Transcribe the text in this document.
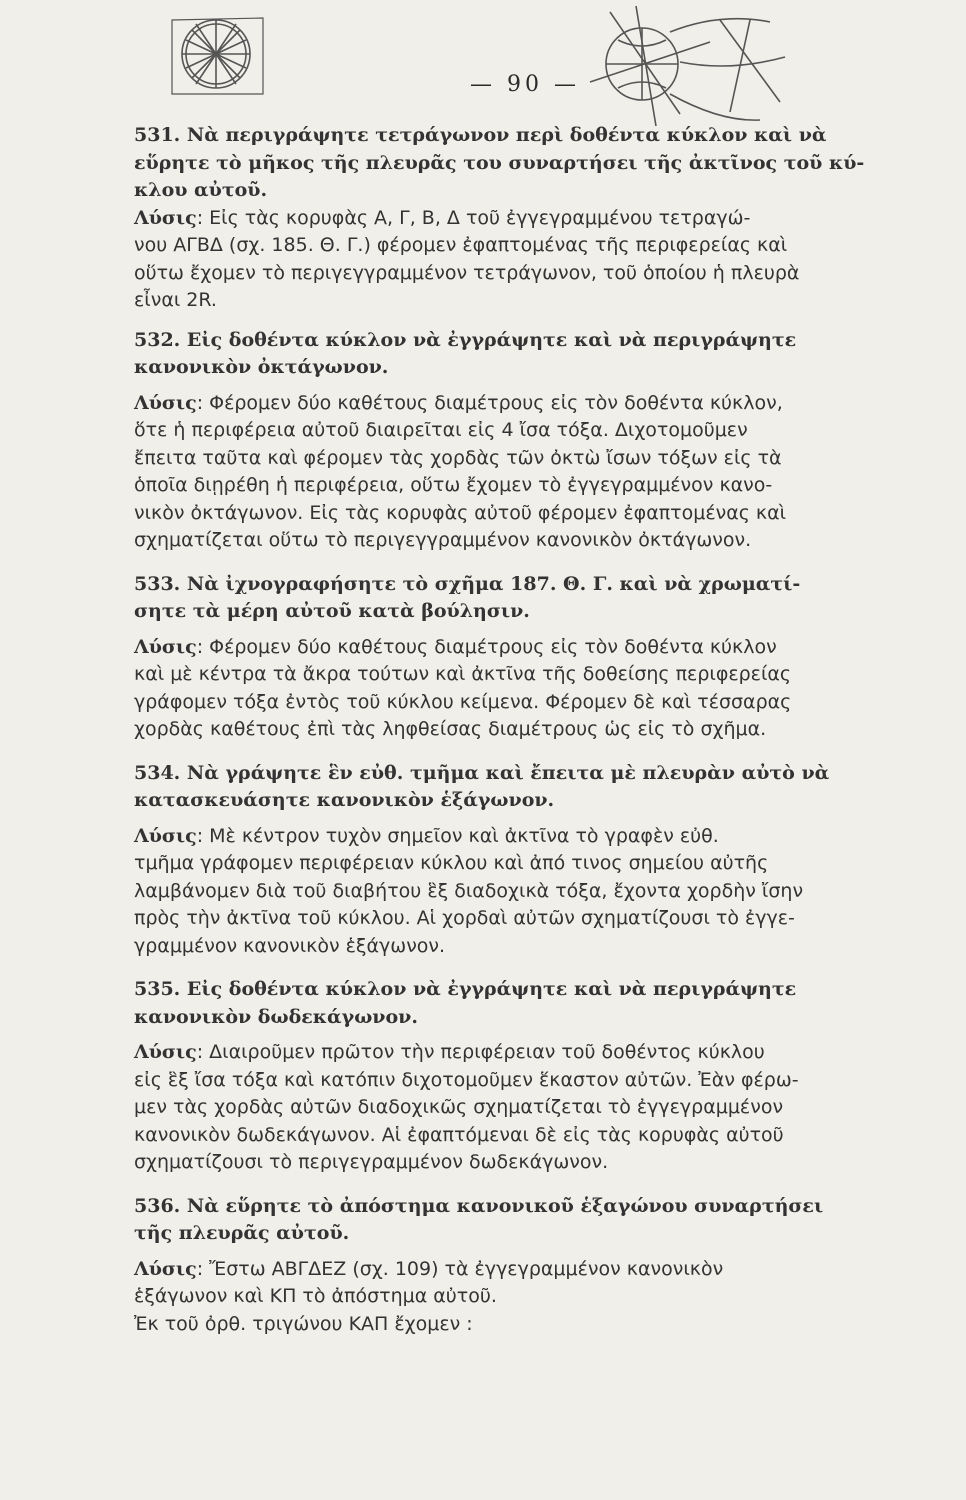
— 90 —
531. Νὰ περιγράψητε τετράγωνον περὶ δοθέντα κύκλον καὶ νὰ
εὕρητε τὸ μῆκος τῆς πλευρᾶς του συναρτήσει τῆς ἀκτῖνος τοῦ κύ-
κλου αὐτοῦ.
Λύσις: Εἰς τὰς κορυφὰς Α, Γ, Β, Δ τοῦ ἐγγεγραμμένου τετραγώ-
νου ΑΓΒΔ (σχ. 185. Θ. Γ.) φέρομεν ἐφαπτομένας τῆς περιφερείας καὶ
οὕτω ἔχομεν τὸ περιγεγγραμμένον τετράγωνον, τοῦ ὁποίου ἡ πλευρὰ
εἶναι 2R.
532. Εἰς δοθέντα κύκλον νὰ ἐγγράψητε καὶ νὰ περιγράψητε
κανονικὸν ὀκτάγωνον.
Λύσις: Φέρομεν δύο καθέτους διαμέτρους εἰς τὸν δοθέντα κύκλον,
ὅτε ἡ περιφέρεια αὐτοῦ διαιρεῖται εἰς 4 ἴσα τόξα. Διχοτομοῦμεν
ἔπειτα ταῦτα καὶ φέρομεν τὰς χορδὰς τῶν ὀκτὼ ἴσων τόξων εἰς τὰ
ὁποῖα διῃρέθη ἡ περιφέρεια, οὕτω ἔχομεν τὸ ἐγγεγραμμένον κανο-
νικὸν ὀκτάγωνον. Εἰς τὰς κορυφὰς αὐτοῦ φέρομεν ἐφαπτομένας καὶ
σχηματίζεται οὕτω τὸ περιγεγγραμμένον κανονικὸν ὀκτάγωνον.
533. Νὰ ἰχνογραφήσητε τὸ σχῆμα 187. Θ. Γ. καὶ νὰ χρωματί-
σητε τὰ μέρη αὐτοῦ κατὰ βούλησιν.
Λύσις: Φέρομεν δύο καθέτους διαμέτρους εἰς τὸν δοθέντα κύκλον
καὶ μὲ κέντρα τὰ ἄκρα τούτων καὶ ἀκτῖνα τῆς δοθείσης περιφερείας
γράφομεν τόξα ἐντὸς τοῦ κύκλου κείμενα. Φέρομεν δὲ καὶ τέσσαρας
χορδὰς καθέτους ἐπὶ τὰς ληφθείσας διαμέτρους ὡς εἰς τὸ σχῆμα.
534. Νὰ γράψητε ἓν εὐθ. τμῆμα καὶ ἔπειτα μὲ πλευρὰν αὐτὸ νὰ
κατασκευάσητε κανονικὸν ἑξάγωνον.
Λύσις: Μὲ κέντρον τυχὸν σημεῖον καὶ ἀκτῖνα τὸ γραφὲν εὐθ.
τμῆμα γράφομεν περιφέρειαν κύκλου καὶ ἀπό τινος σημείου αὐτῆς
λαμβάνομεν διὰ τοῦ διαβήτου ἓξ διαδοχικὰ τόξα, ἔχοντα χορδὴν ἴσην
πρὸς τὴν ἀκτῖνα τοῦ κύκλου. Αἱ χορδαὶ αὐτῶν σχηματίζουσι τὸ ἐγγε-
γραμμένον κανονικὸν ἑξάγωνον.
535. Εἰς δοθέντα κύκλον νὰ ἐγγράψητε καὶ νὰ περιγράψητε
κανονικὸν δωδεκάγωνον.
Λύσις: Διαιροῦμεν πρῶτον τὴν περιφέρειαν τοῦ δοθέντος κύκλου
εἰς ἓξ ἴσα τόξα καὶ κατόπιν διχοτομοῦμεν ἕκαστον αὐτῶν. Ἐὰν φέρω-
μεν τὰς χορδὰς αὐτῶν διαδοχικῶς σχηματίζεται τὸ ἐγγεγραμμένον
κανονικὸν δωδεκάγωνον. Αἱ ἐφαπτόμεναι δὲ εἰς τὰς κορυφὰς αὐτοῦ
σχηματίζουσι τὸ περιγεγραμμένον δωδεκάγωνον.
536. Νὰ εὕρητε τὸ ἀπόστημα κανονικοῦ ἑξαγώνου συναρτήσει
τῆς πλευρᾶς αὐτοῦ.
Λύσις: Ἔστω ΑΒΓΔΕΖ (σχ. 109) τὰ ἐγγεγραμμένον κανονικὸν
ἑξάγωνον καὶ ΚΠ τὸ ἀπόστημα αὐτοῦ.
Ἐκ τοῦ ὀρθ. τριγώνου ΚΑΠ ἔχομεν :
